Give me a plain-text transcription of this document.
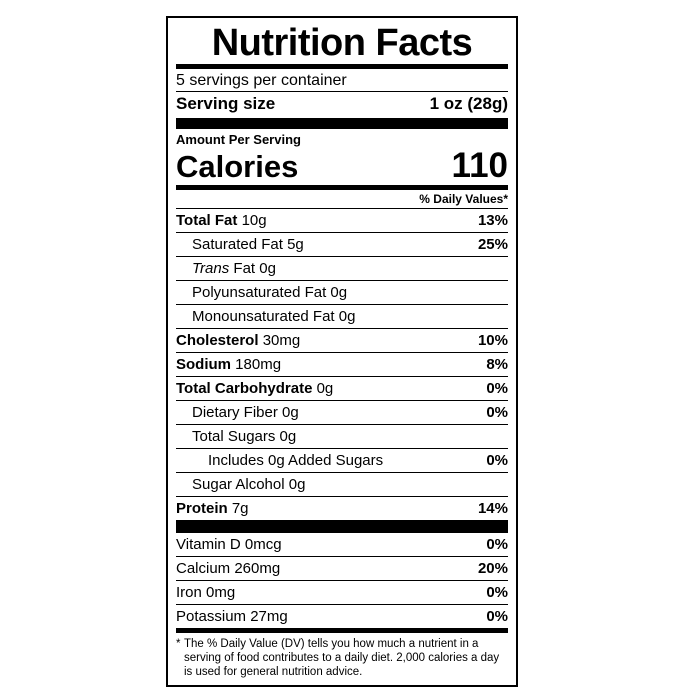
Nutrition Facts
5 servings per container
Serving size	1 oz (28g)
Amount Per Serving
Calories	110
% Daily Values*
Total Fat 10g	13%
Saturated Fat 5g	25%
Trans Fat 0g
Polyunsaturated Fat 0g
Monounsaturated Fat 0g
Cholesterol 30mg	10%
Sodium 180mg	8%
Total Carbohydrate 0g	0%
Dietary Fiber 0g	0%
Total Sugars 0g
Includes 0g Added Sugars	0%
Sugar Alcohol 0g
Protein 7g	14%
Vitamin D 0mcg	0%
Calcium 260mg	20%
Iron 0mg	0%
Potassium 27mg	0%
* The % Daily Value (DV) tells you how much a nutrient in a serving of food contributes to a daily diet. 2,000 calories a day is used for general nutrition advice.
